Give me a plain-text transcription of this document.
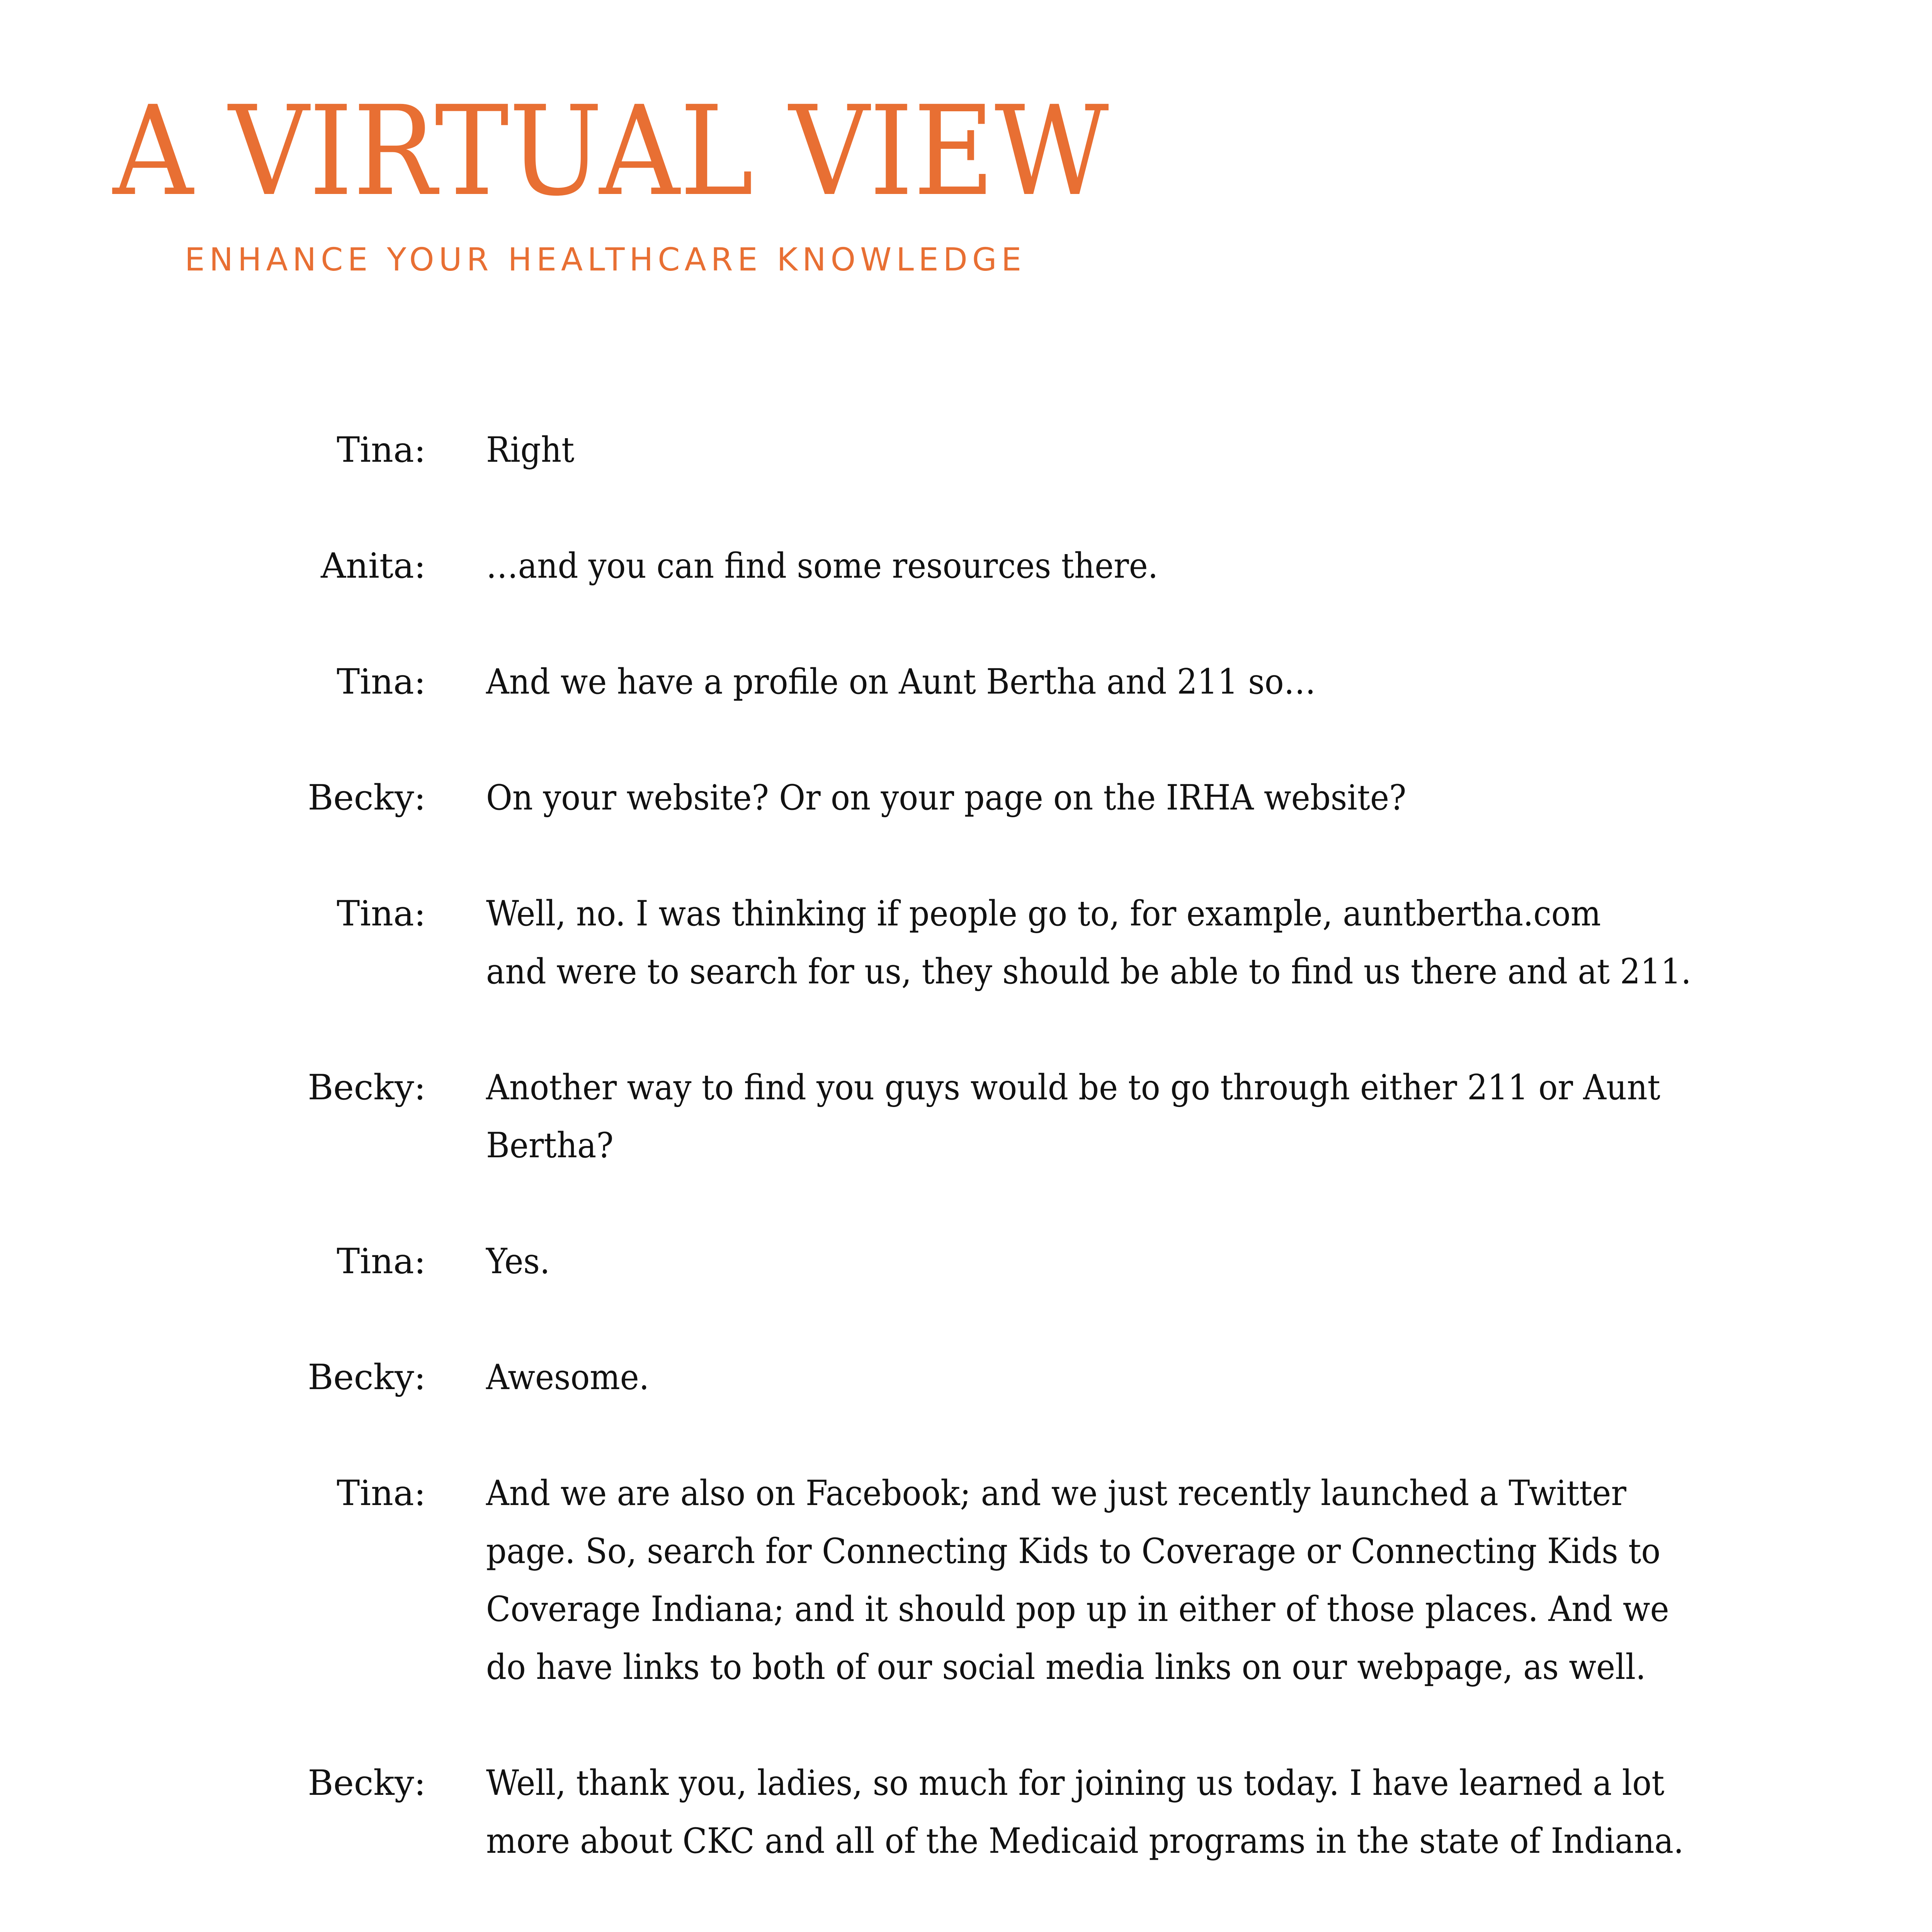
A VIRTUAL VIEW
ENHANCE YOUR HEALTHCARE KNOWLEDGE
Tina: Right
Anita: …and you can find some resources there.
Tina: And we have a profile on Aunt Bertha and 211 so…
Becky: On your website? Or on your page on the IRHA website?
Tina: Well, no. I was thinking if people go to, for example, auntbertha.com
and were to search for us, they should be able to find us there and at 211.
Becky: Another way to find you guys would be to go through either 211 or Aunt
Bertha?
Tina: Yes.
Becky: Awesome.
Tina: And we are also on Facebook; and we just recently launched a Twitter
page. So, search for Connecting Kids to Coverage or Connecting Kids to
Coverage Indiana; and it should pop up in either of those places. And we
do have links to both of our social media links on our webpage, as well.
Becky: Well, thank you, ladies, so much for joining us today. I have learned a lot
more about CKC and all of the Medicaid programs in the state of Indiana.
